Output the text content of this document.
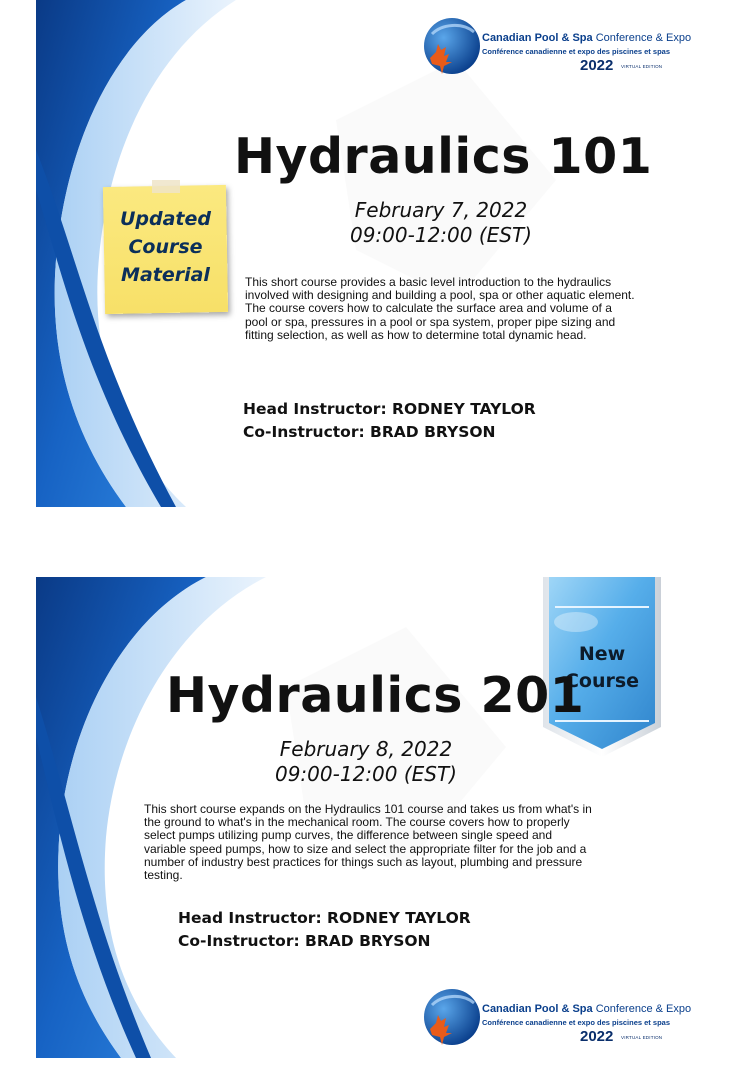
Canadian Pool & Spa Conference & Expo
Conférence canadienne et expo des piscines et spas
2022 VIRTUAL EDITION
Hydraulics 101
Updated
Course
Material
February 7, 2022
09:00-12:00 (EST)

This short course provides a basic level introduction to the hydraulics involved with designing and building a pool, spa or other aquatic element. The course covers how to calculate the surface area and volume of a pool or spa, pressures in a pool or spa system, proper pipe sizing and fitting selection, as well as how to determine total dynamic head.

Head Instructor: RODNEY TAYLOR
Co-Instructor: BRAD BRYSON
New
Course
Hydraulics 201
February 8, 2022
09:00-12:00 (EST)

This short course expands on the Hydraulics 101 course and takes us from what's in the ground to what's in the mechanical room. The course covers how to properly select pumps utilizing pump curves, the difference between single speed and variable speed pumps, how to size and select the appropriate filter for the job and a number of industry best practices for things such as layout, plumbing and pressure testing.

Head Instructor: RODNEY TAYLOR
Co-Instructor: BRAD BRYSON
Canadian Pool & Spa Conference & Expo
Conférence canadienne et expo des piscines et spas
2022 VIRTUAL EDITION
